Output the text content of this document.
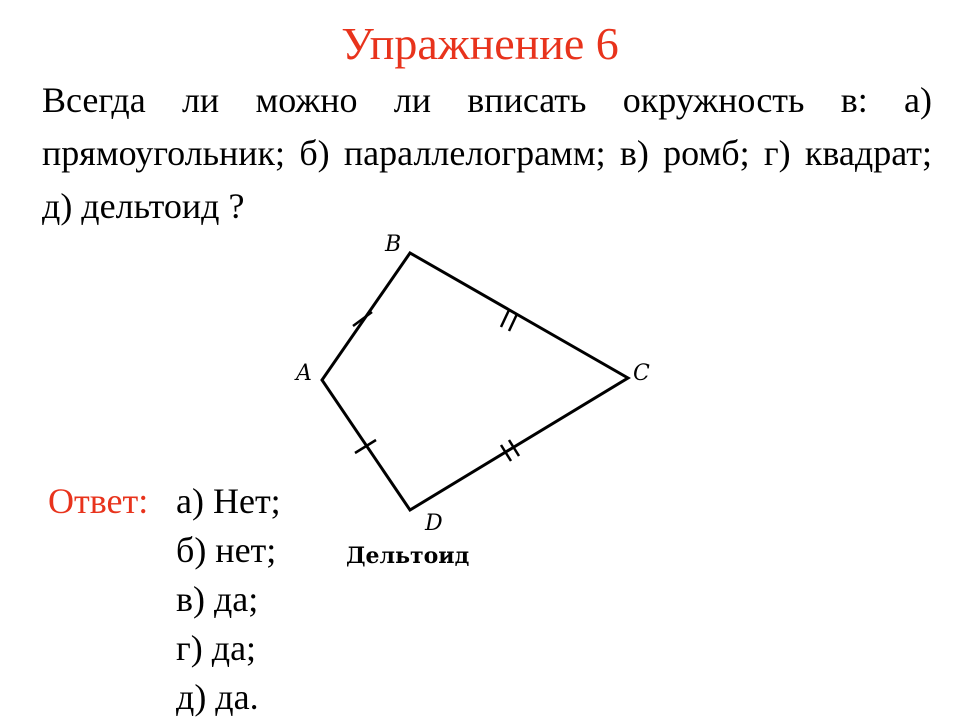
Упражнение 6
Всегда ли можно ли вписать окружность в: а) прямоугольник; б) параллелограмм; в) ромб; г) квадрат; д) дельтоид ?
B
A	C
D
Дельтоид
Ответ: а) Нет;
б) нет;
в) да;
г) да;
д) да.
